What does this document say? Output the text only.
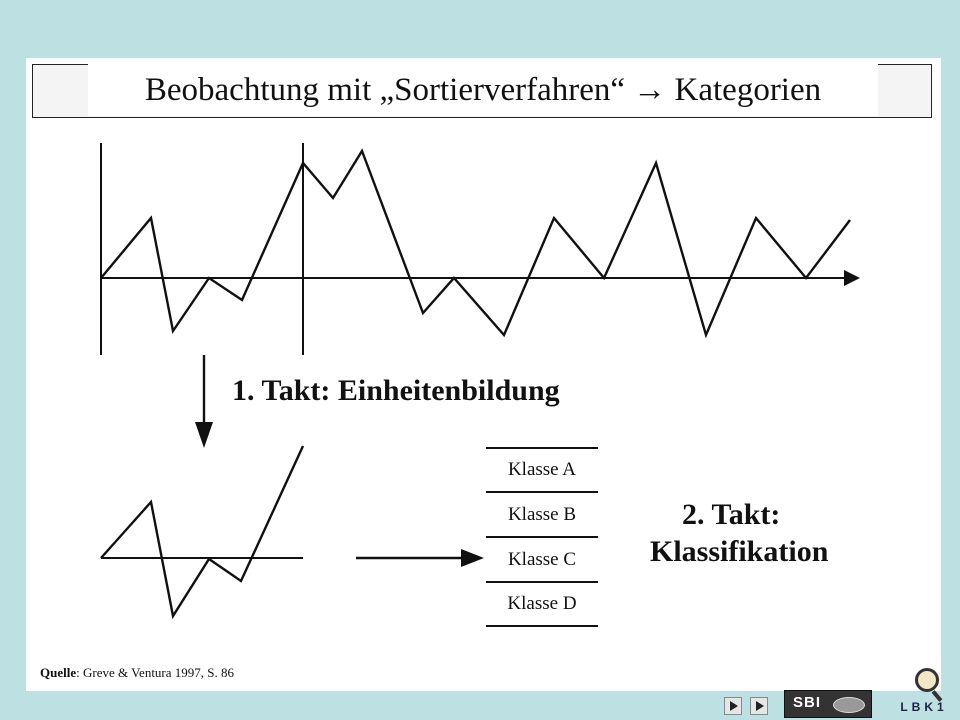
Beobachtung mit „Sortierverfahren“ → Kategorien
1. Takt: Einheitenbildung
Klasse A
Klasse B
Klasse C
Klasse D
2. Takt:
Klassifikation
Quelle: Greve & Ventura 1997, S. 86
SBI	LBK1
